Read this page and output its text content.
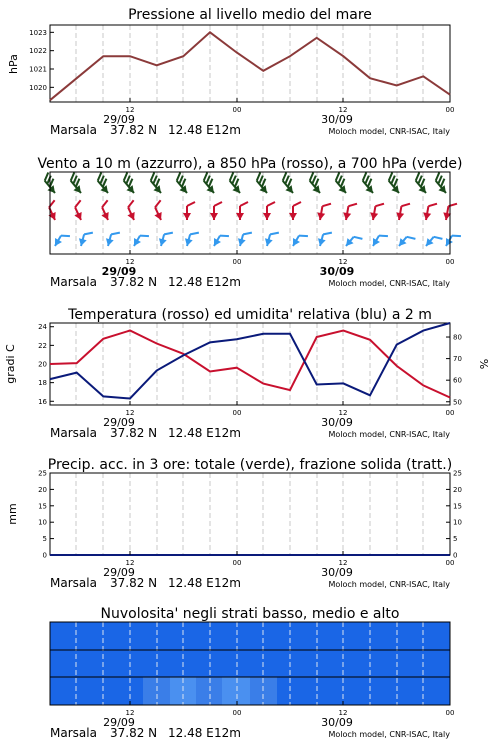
Pressione al livello medio del mare
1020
1021
1022
1023
hPa
12	00	12	00
29/09	30/09
Marsala 37.82 N 12.48 E 12m	Moloch model, CNR-ISAC, Italy
Vento a 10 m (azzurro), a 850 hPa (rosso), a 700 hPa (verde)
12	00	12	00
29/09	30/09
Marsala 37.82 N 12.48 E 12m	Moloch model, CNR-ISAC, Italy
Temperatura (rosso) ed umidita' relativa (blu) a 2 m
16
18
20
22
24
50
60
70
80
gradi C	%
12	00	12	00
29/09	30/09
Marsala 37.82 N 12.48 E 12m	Moloch model, CNR-ISAC, Italy
Precip. acc. in 3 ore: totale (verde), frazione solida (tratt.)
0
5
10
15
20
25
0
5
10
15
20
25
mm
12	00	12	00
29/09	30/09
Marsala 37.82 N 12.48 E 12m	Moloch model, CNR-ISAC, Italy
Nuvolosita' negli strati basso, medio e alto
12	00	12	00
29/09	30/09
Marsala 37.82 N 12.48 E 12m	Moloch model, CNR-ISAC, Italy
